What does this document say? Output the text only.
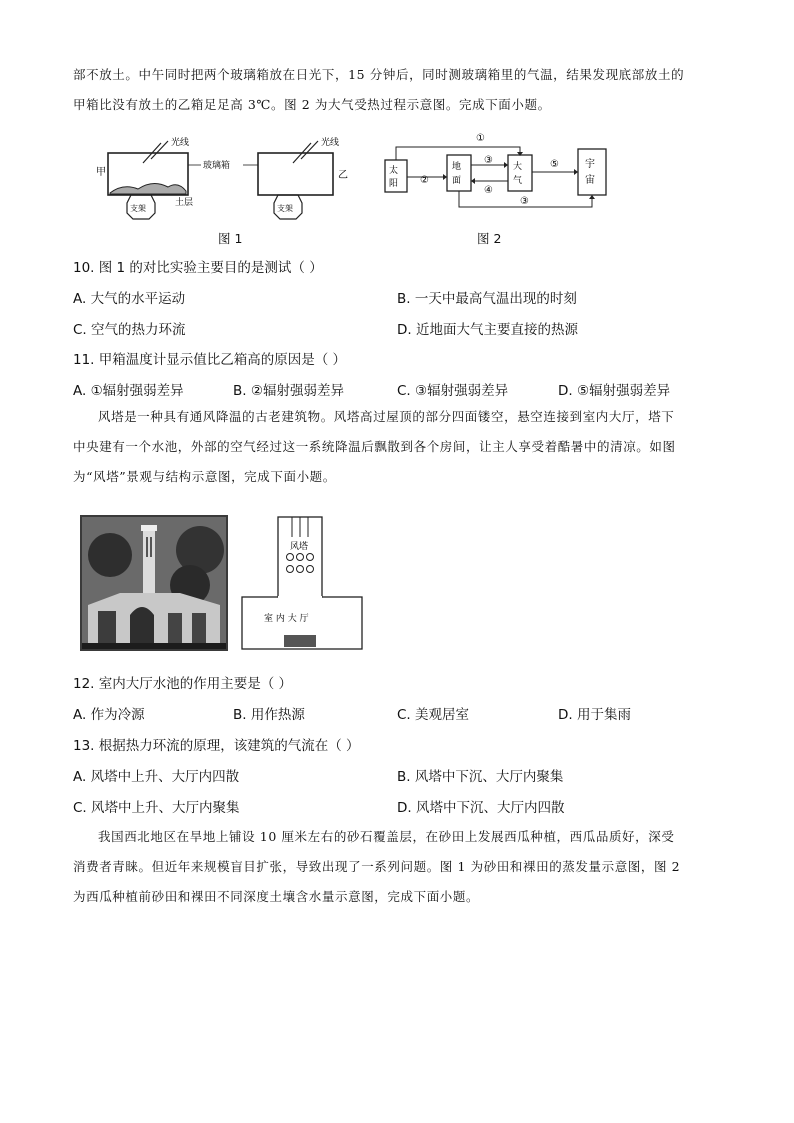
部不放土。中午同时把两个玻璃箱放在日光下，15 分钟后，同时测玻璃箱里的气温，结果发现底部放土的
甲箱比没有放土的乙箱足足高 3℃。图 2 为大气受热过程示意图。完成下面小题。
光线
甲
土层
支架
玻璃箱
光线
乙
支架
图 1
太
阳
地
面
大
气
宇
宙
①
②
③
④
⑤
③
图 2
10. 图 1 的对比实验主要目的是测试（ ）
A. 大气的水平运动	B. 一天中最高气温出现的时刻
C. 空气的热力环流	D. 近地面大气主要直接的热源
11. 甲箱温度计显示值比乙箱高的原因是（ ）
A. ①辐射强弱差异	B. ②辐射强弱差异	C. ③辐射强弱差异	D. ⑤辐射强弱差异
风塔是一种具有通风降温的古老建筑物。风塔高过屋顶的部分四面镂空，悬空连接到室内大厅，塔下
中央建有一个水池，外部的空气经过这一系统降温后飘散到各个房间，让主人享受着酷暑中的清凉。如图
为“风塔”景观与结构示意图，完成下面小题。
风塔
室 内 大 厅
12. 室内大厅水池的作用主要是（ ）
A. 作为冷源	B. 用作热源	C. 美观居室	D. 用于集雨
13. 根据热力环流的原理，该建筑的气流在（ ）
A. 风塔中上升、大厅内四散	B. 风塔中下沉、大厅内聚集
C. 风塔中上升、大厅内聚集	D. 风塔中下沉、大厅内四散
我国西北地区在旱地上铺设 10 厘米左右的砂石覆盖层，在砂田上发展西瓜种植，西瓜品质好，深受
消费者青睐。但近年来规模盲目扩张，导致出现了一系列问题。图 1 为砂田和裸田的蒸发量示意图，图 2
为西瓜种植前砂田和裸田不同深度土壤含水量示意图，完成下面小题。
